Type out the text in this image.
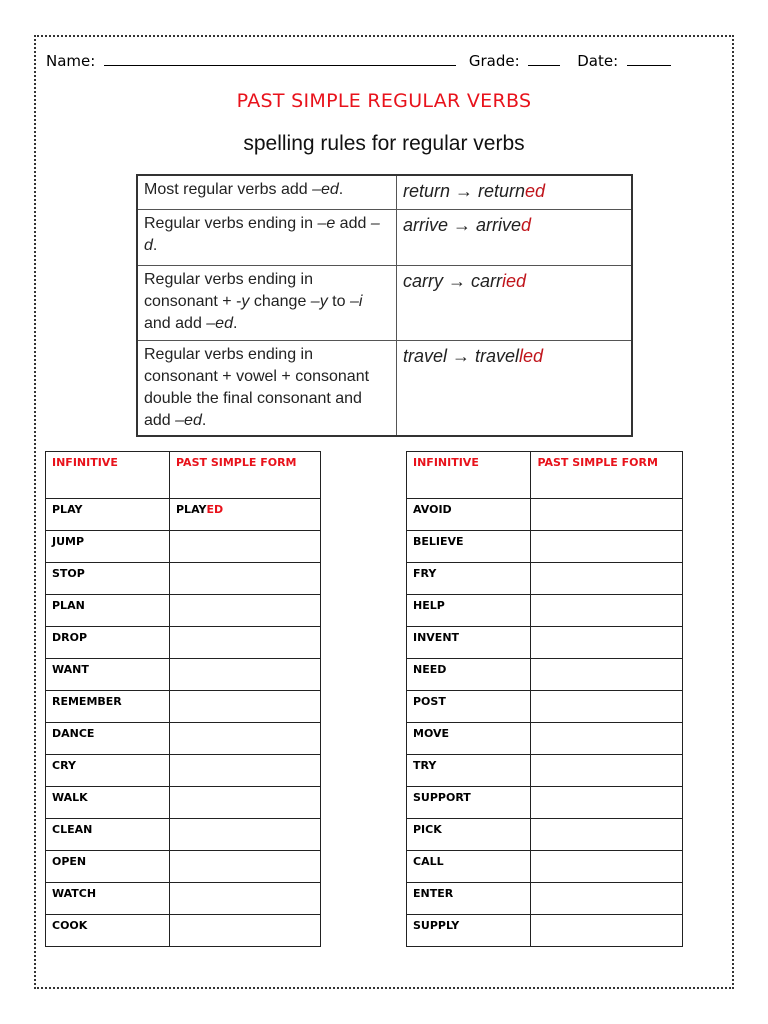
Name:	Grade:	Date:
PAST SIMPLE REGULAR VERBS
spelling rules for regular verbs
Most regular verbs add –ed.	return → returned
Regular verbs ending in –e add –d.	arrive → arrived
Regular verbs ending in consonant + -y change –y to –i and add –ed.	carry → carried
Regular verbs ending in consonant + vowel + consonant double the final consonant and add –ed.	travel → travelled
INFINITIVE	PAST SIMPLE FORM
PLAY	PLAYED
JUMP	
STOP	
PLAN	
DROP	
WANT	
REMEMBER	
DANCE	
CRY	
WALK	
CLEAN	
OPEN	
WATCH	
COOK	
INFINITIVE	PAST SIMPLE FORM
AVOID	
BELIEVE	
FRY	
HELP	
INVENT	
NEED	
POST	
MOVE	
TRY	
SUPPORT	
PICK	
CALL	
ENTER	
SUPPLY	
